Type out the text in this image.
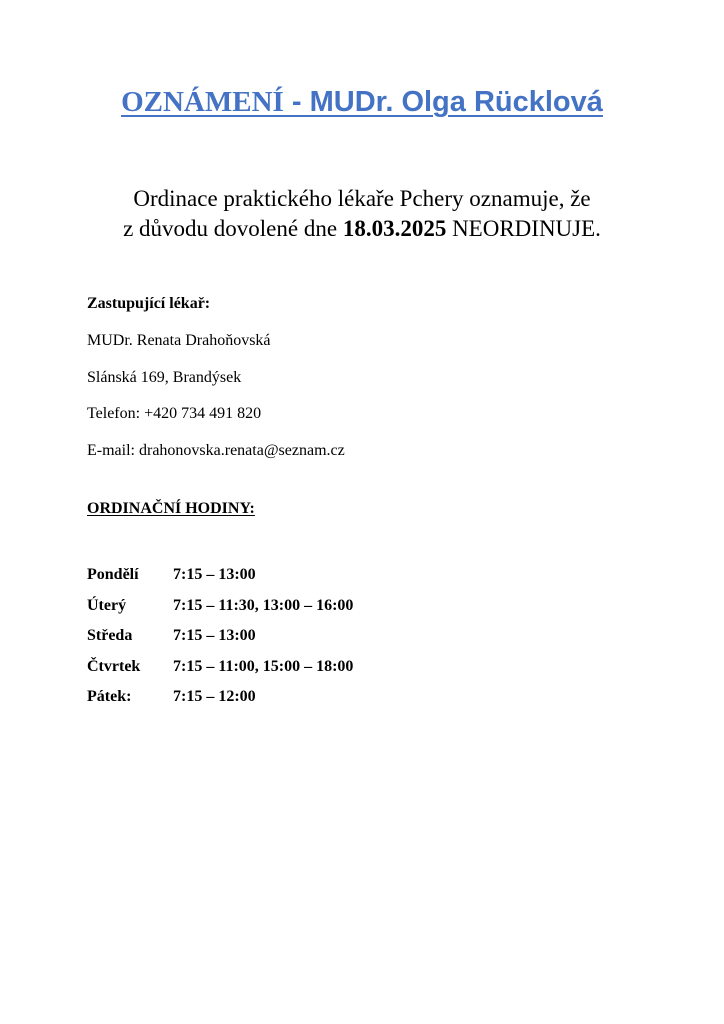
OZNÁMENÍ - MUDr. Olga Rücklová
Ordinace praktického lékaře Pchery oznamuje, že
z důvodu dovolené dne 18.03.2025 NEORDINUJE.
Zastupující lékař:
MUDr. Renata Drahoňovská
Slánská 169, Brandýsek
Telefon: +420 734 491 820
E-mail: drahonovska.renata@seznam.cz
ORDINAČNÍ HODINY:
Pondělí	7:15 – 13:00
Úterý	7:15 – 11:30, 13:00 – 16:00
Středa	7:15 – 13:00
Čtvrtek	7:15 – 11:00, 15:00 – 18:00
Pátek:	7:15 – 12:00
